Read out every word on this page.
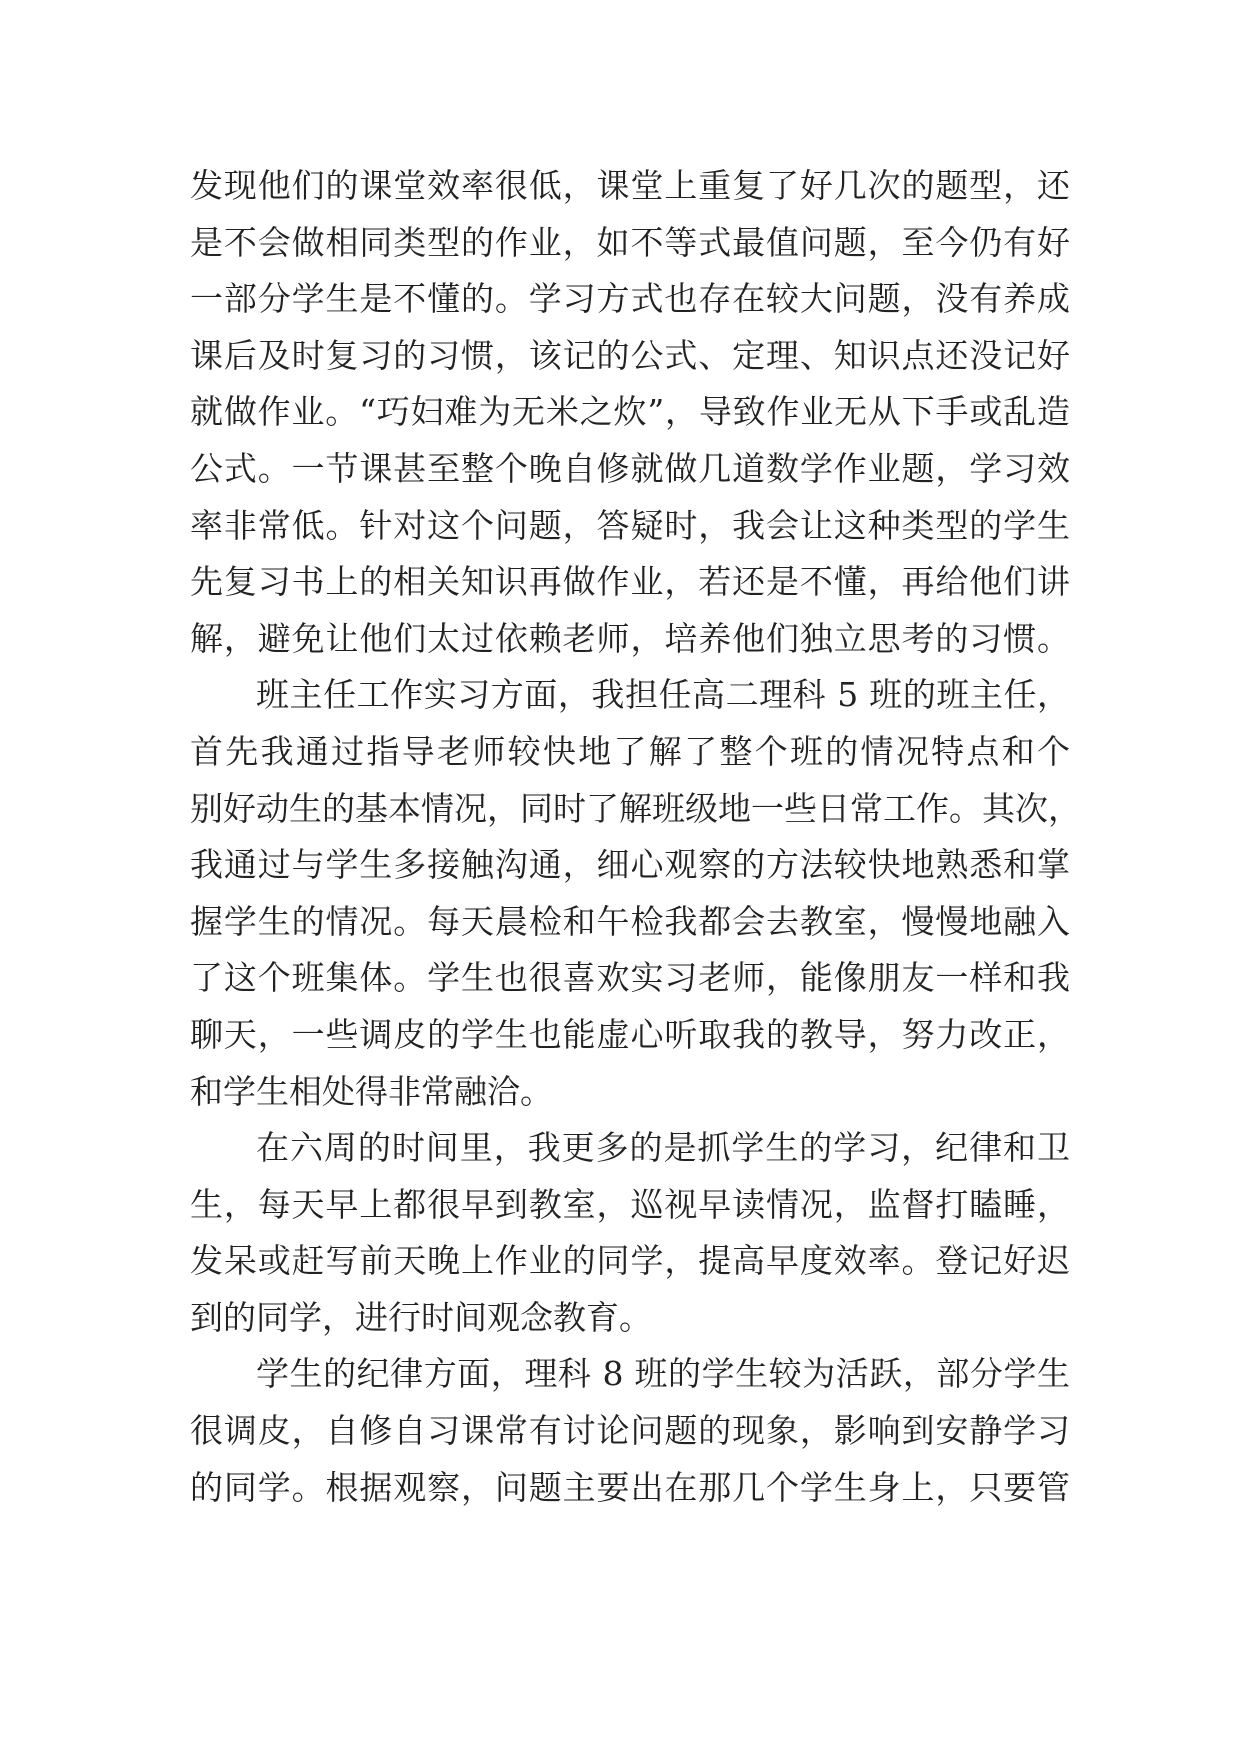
发现他们的课堂效率很低，课堂上重复了好几次的题型，还
是不会做相同类型的作业，如不等式最值问题，至今仍有好
一部分学生是不懂的。学习方式也存在较大问题，没有养成
课后及时复习的习惯，该记的公式、定理、知识点还没记好
就做作业。“巧妇难为无米之炊”，导致作业无从下手或乱造
公式。一节课甚至整个晚自修就做几道数学作业题，学习效
率非常低。针对这个问题，答疑时，我会让这种类型的学生
先复习书上的相关知识再做作业，若还是不懂，再给他们讲
解，避免让他们太过依赖老师，培养他们独立思考的习惯。
班主任工作实习方面，我担任高二理科 5 班的班主任，
首先我通过指导老师较快地了解了整个班的情况特点和个
别好动生的基本情况，同时了解班级地一些日常工作。其次，
我通过与学生多接触沟通，细心观察的方法较快地熟悉和掌
握学生的情况。每天晨检和午检我都会去教室，慢慢地融入
了这个班集体。学生也很喜欢实习老师，能像朋友一样和我
聊天，一些调皮的学生也能虚心听取我的教导，努力改正，
和学生相处得非常融洽。
在六周的时间里，我更多的是抓学生的学习，纪律和卫
生，每天早上都很早到教室，巡视早读情况，监督打瞌睡，
发呆或赶写前天晚上作业的同学，提高早度效率。登记好迟
到的同学，进行时间观念教育。
学生的纪律方面，理科 8 班的学生较为活跃，部分学生
很调皮，自修自习课常有讨论问题的现象，影响到安静学习
的同学。根据观察，问题主要出在那几个学生身上，只要管
